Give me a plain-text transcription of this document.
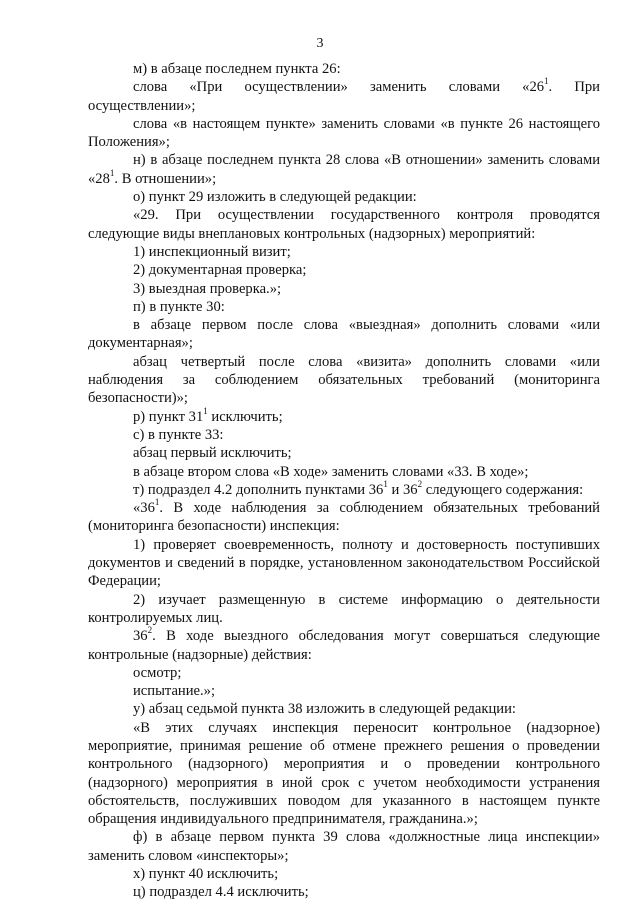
3
м) в абзаце последнем пункта 26:
слова «При осуществлении» заменить словами «$26^1$. При осуществлении»;
слова «в настоящем пункте» заменить словами «в пункте 26 настоящего Положения»;
н) в абзаце последнем пункта 28 слова «В отношении» заменить словами «$28^1$. В отношении»;
о) пункт 29 изложить в следующей редакции:
«29. При осуществлении государственного контроля проводятся следующие виды внеплановых контрольных (надзорных) мероприятий:
1) инспекционный визит;
2) документарная проверка;
3) выездная проверка.»;
п) в пункте 30:
в абзаце первом после слова «выездная» дополнить словами «или документарная»;
абзац четвертый после слова «визита» дополнить словами «или наблюдения за соблюдением обязательных требований (мониторинга безопасности)»;
р) пункт $31^1$ исключить;
с) в пункте 33:
абзац первый исключить;
в абзаце втором слова «В ходе» заменить словами «33. В ходе»;
т) подраздел 4.2 дополнить пунктами $36^1$ и $36^2$ следующего содержания:
«$36^1$. В ходе наблюдения за соблюдением обязательных требований (мониторинга безопасности) инспекция:
1) проверяет своевременность, полноту и достоверность поступивших документов и сведений в порядке, установленном законодательством Российской Федерации;
2) изучает размещенную в системе информацию о деятельности контролируемых лиц.
$36^2$. В ходе выездного обследования могут совершаться следующие контрольные (надзорные) действия:
осмотр;
испытание.»;
у) абзац седьмой пункта 38 изложить в следующей редакции:
«В этих случаях инспекция переносит контрольное (надзорное) мероприятие, принимая решение об отмене прежнего решения о проведении контрольного (надзорного) мероприятия и о проведении контрольного (надзорного) мероприятия в иной срок с учетом необходимости устранения обстоятельств, послуживших поводом для указанного в настоящем пункте обращения индивидуального предпринимателя, гражданина.»;
ф) в абзаце первом пункта 39 слова «должностные лица инспекции» заменить словом «инспекторы»;
х) пункт 40 исключить;
ц) подраздел 4.4 исключить;
